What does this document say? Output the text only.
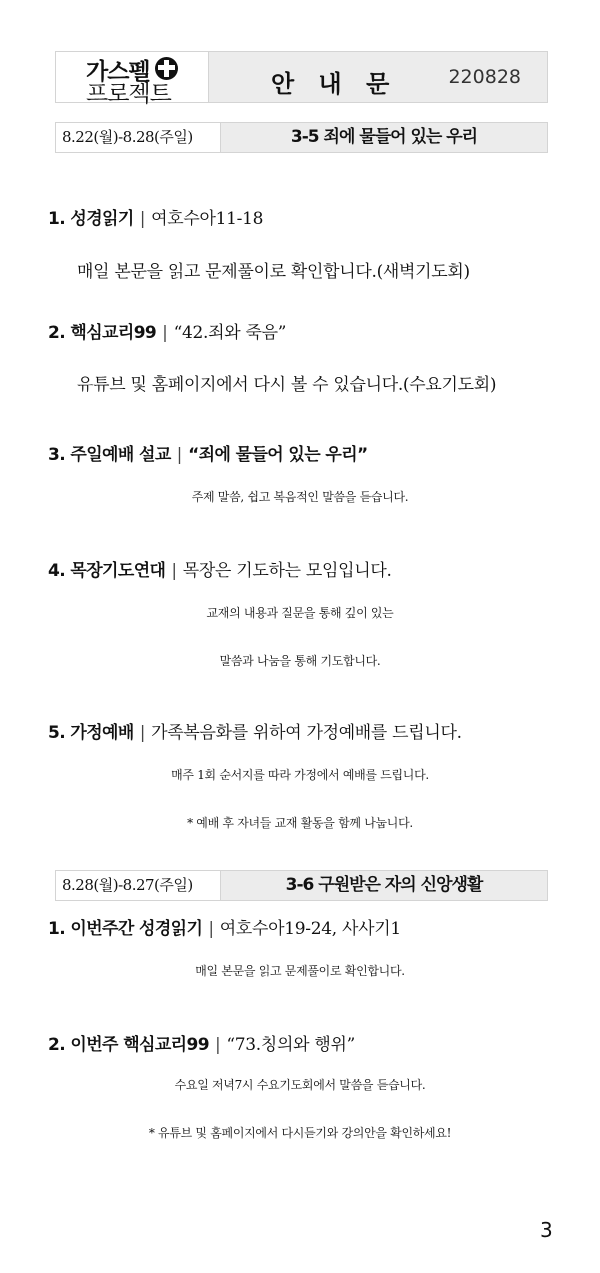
가스펠
프로젝트	안 내 문	220828
8.22(월)-8.28(주일)	3-5 죄에 물들어 있는 우리
1. 성경읽기 | 여호수아11-18
매일 본문을 읽고 문제풀이로 확인합니다.(새벽기도회)
2. 핵심교리99 | “42.죄와 죽음”
유튜브 및 홈페이지에서 다시 볼 수 있습니다.(수요기도회)
3. 주일예배 설교 | “죄에 물들어 있는 우리”
주제 말씀, 쉽고 복음적인 말씀을 듣습니다.
4. 목장기도연대 | 목장은 기도하는 모임입니다.
교재의 내용과 질문을 통해 깊이 있는
말씀과 나눔을 통해 기도합니다.
5. 가정예배 | 가족복음화를 위하여 가정예배를 드립니다.
매주 1회 순서지를 따라 가정에서 예배를 드립니다.
* 예배 후 자녀들 교재 활동을 함께 나눕니다.
8.28(월)-8.27(주일)	3-6 구원받은 자의 신앙생활
1. 이번주간 성경읽기 | 여호수아19-24, 사사기1
매일 본문을 읽고 문제풀이로 확인합니다.
2. 이번주 핵심교리99 | “73.칭의와 행위”
수요일 저녁7시 수요기도회에서 말씀을 듣습니다.
* 유튜브 및 홈페이지에서 다시듣기와 강의안을 확인하세요!
3
